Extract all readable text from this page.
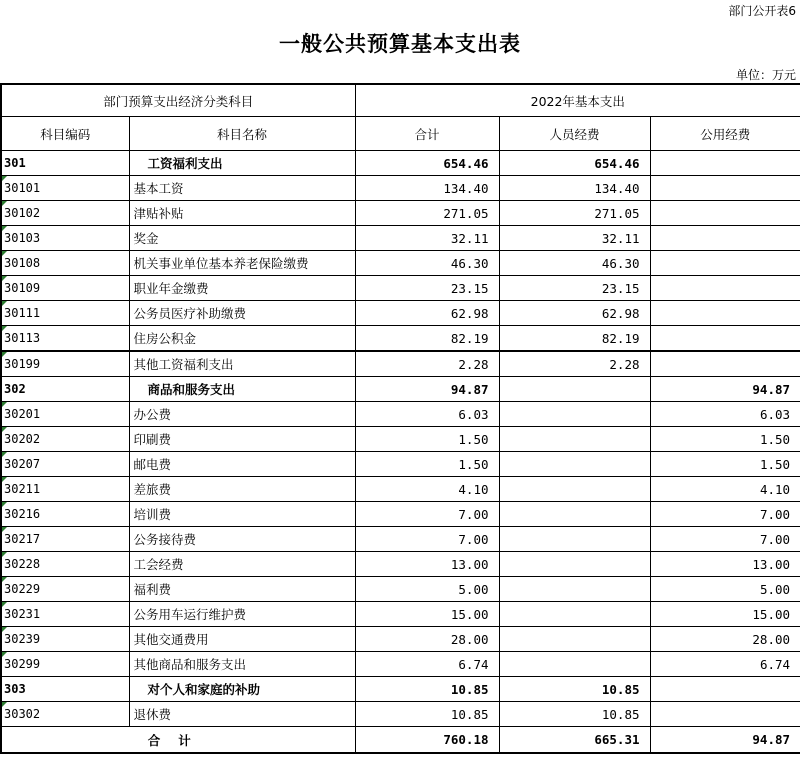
部门公开表6
一般公共预算基本支出表
单位：万元
部门预算支出经济分类科目		2022年基本支出		
科目编码	科目名称	合计	人员经费	公用经费
301	工资福利支出	654.46	654.46	
30101	基本工资	134.40	134.40	
30102	津贴补贴	271.05	271.05	
30103	奖金	32.11	32.11	
30108	机关事业单位基本养老保险缴费	46.30	46.30	
30109	职业年金缴费	23.15	23.15	
30111	公务员医疗补助缴费	62.98	62.98	
30113	住房公积金	82.19	82.19	
30199	其他工资福利支出	2.28	2.28	
302	商品和服务支出	94.87		94.87
30201	办公费	6.03		6.03
30202	印刷费	1.50		1.50
30207	邮电费	1.50		1.50
30211	差旅费	4.10		4.10
30216	培训费	7.00		7.00
30217	公务接待费	7.00		7.00
30228	工会经费	13.00		13.00
30229	福利费	5.00		5.00
30231	公务用车运行维护费	15.00		15.00
30239	其他交通费用	28.00		28.00
30299	其他商品和服务支出	6.74		6.74
303	对个人和家庭的补助	10.85	10.85	
30302	退休费	10.85	10.85	
合计		760.18	665.31	94.87
